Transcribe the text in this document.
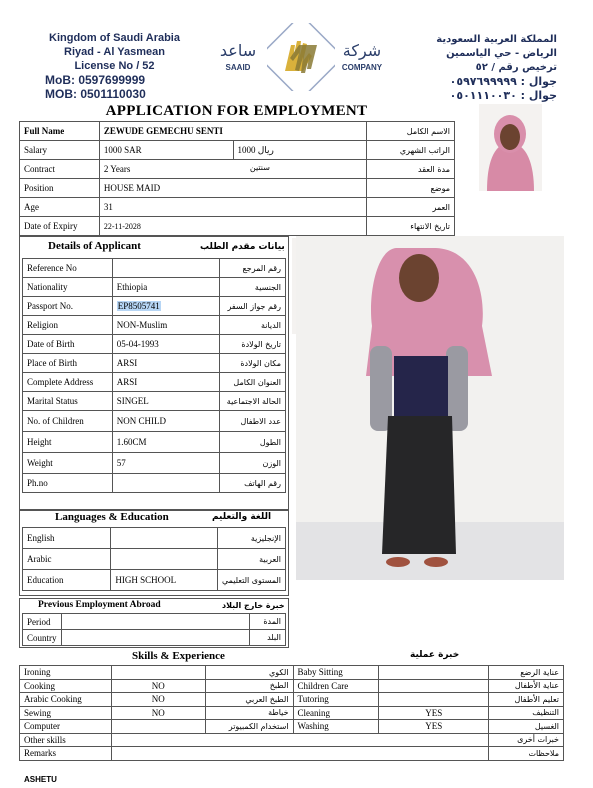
Kingdom of Saudi Arabia
Riyad - Al Yasmean
License No / 52
MoB: 0597699999
MOB: 0501110030
ساعد
SAAID
شركة
COMPANY
المملكة العربية السعودية
الرياض - حي الياسمين
ترخيص رقم / ٥٢
جوال : ٠٥٩٧٦٩٩٩٩٩
جوال : ٠٥٠١١١٠٠٣٠
APPLICATION FOR EMPLOYMENT
Full Name	ZEWUDE GEMECHU SENTI		الاسم الكامل
Salary	1000 SAR	1000 ريال	الراتب الشهري
Contract	2 Years سنتين		مدة العقد
Position	HOUSE MAID		موضع
Age	31		العمر
Date of Expiry	22-11-2028		تاريخ الانتهاء
Details of Applicant	بيانات مقدم الطلب
Reference No		رقم المرجع
Nationality	Ethiopia	الجنسية
Passport No.	EP8505741	رقم جواز السفر
Religion	NON-Muslim	الديانة
Date of Birth	05-04-1993	تاريخ الولادة
Place of Birth	ARSI	مكان الولادة
Complete Address	ARSI	العنوان الكامل
Marital Status	SINGEL	الحالة الاجتماعية
No. of Children	NON CHILD	عدد الاطفال
Height	1.60CM	الطول
Weight	57	الوزن
Ph.no		رقم الهاتف
Languages & Education	اللغة والتعليم
English		الإنجليزية
Arabic		العربية
Education	HIGH SCHOOL	المستوى التعليمي
Previous Employment Abroad	خبرة خارج البلاد
Period		المدة
Country		البلد
Skills & Experience	خبرة عملية
Ironing		الكوي	Baby Sitting		عناية الرضع
Cooking	NO	الطبخ	Children Care		عناية الأطفال
Arabic Cooking	NO	الطبخ العربي	Tutoring		تعليم الأطفال
Sewing	NO	خياطة	Cleaning	YES	التنظيف
Computer		استخدام الكمبيوتر	Washing	YES	الغسيل
Other skills					خبرات أخرى
Remarks					ملاحظات
ASHETU
